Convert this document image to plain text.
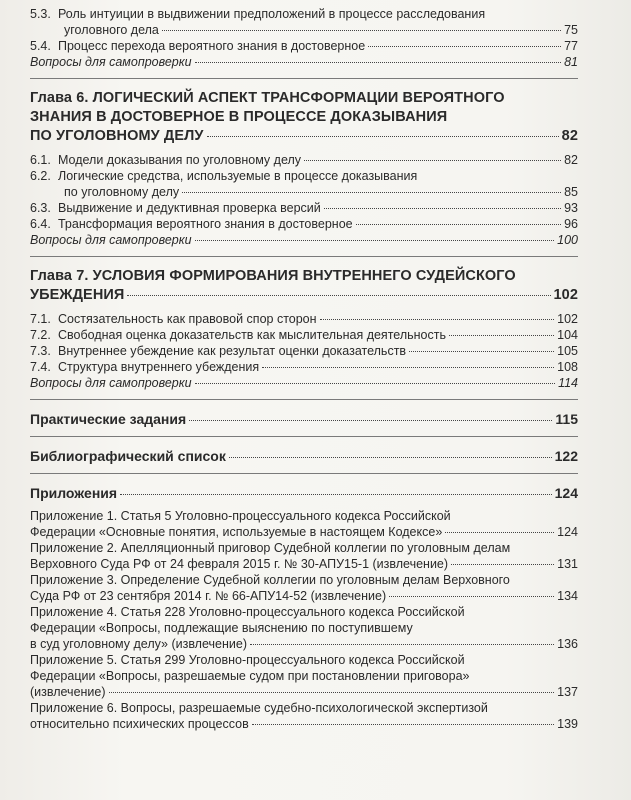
5.3. Роль интуиции в выдвижении предположений в процессе расследования
уголовного дела	75
5.4. Процесс перехода вероятного знания в достоверное	77
Вопросы для самопроверки	81
Глава 6. ЛОГИЧЕСКИЙ АСПЕКТ ТРАНСФОРМАЦИИ ВЕРОЯТНОГО
ЗНАНИЯ В ДОСТОВЕРНОЕ В ПРОЦЕССЕ ДОКАЗЫВАНИЯ
ПО УГОЛОВНОМУ ДЕЛУ	82
6.1. Модели доказывания по уголовному делу	82
6.2. Логические средства, используемые в процессе доказывания
по уголовному делу	85
6.3. Выдвижение и дедуктивная проверка версий	93
6.4. Трансформация вероятного знания в достоверное	96
Вопросы для самопроверки	100
Глава 7. УСЛОВИЯ ФОРМИРОВАНИЯ ВНУТРЕННЕГО СУДЕЙСКОГО
УБЕЖДЕНИЯ	102
7.1. Состязательность как правовой спор сторон	102
7.2. Свободная оценка доказательств как мыслительная деятельность	104
7.3. Внутреннее убеждение как результат оценки доказательств	105
7.4. Структура внутреннего убеждения	108
Вопросы для самопроверки	114
Практические задания	115
Библиографический список	122
Приложения	124
Приложение 1. Статья 5 Уголовно-процессуального кодекса Российской
Федерации «Основные понятия, используемые в настоящем Кодексе»	124
Приложение 2. Апелляционный приговор Судебной коллегии по уголовным делам
Верховного Суда РФ от 24 февраля 2015 г. № 30-АПУ15-1 (извлечение)	131
Приложение 3. Определение Судебной коллегии по уголовным делам Верховного
Суда РФ от 23 сентября 2014 г. № 66-АПУ14-52 (извлечение)	134
Приложение 4. Статья 228 Уголовно-процессуального кодекса Российской
Федерации «Вопросы, подлежащие выяснению по поступившему
в суд уголовному делу» (извлечение)	136
Приложение 5. Статья 299 Уголовно-процессуального кодекса Российской
Федерации «Вопросы, разрешаемые судом при постановлении приговора»
(извлечение)	137
Приложение 6. Вопросы, разрешаемые судебно-психологической экспертизой
относительно психических процессов	139
